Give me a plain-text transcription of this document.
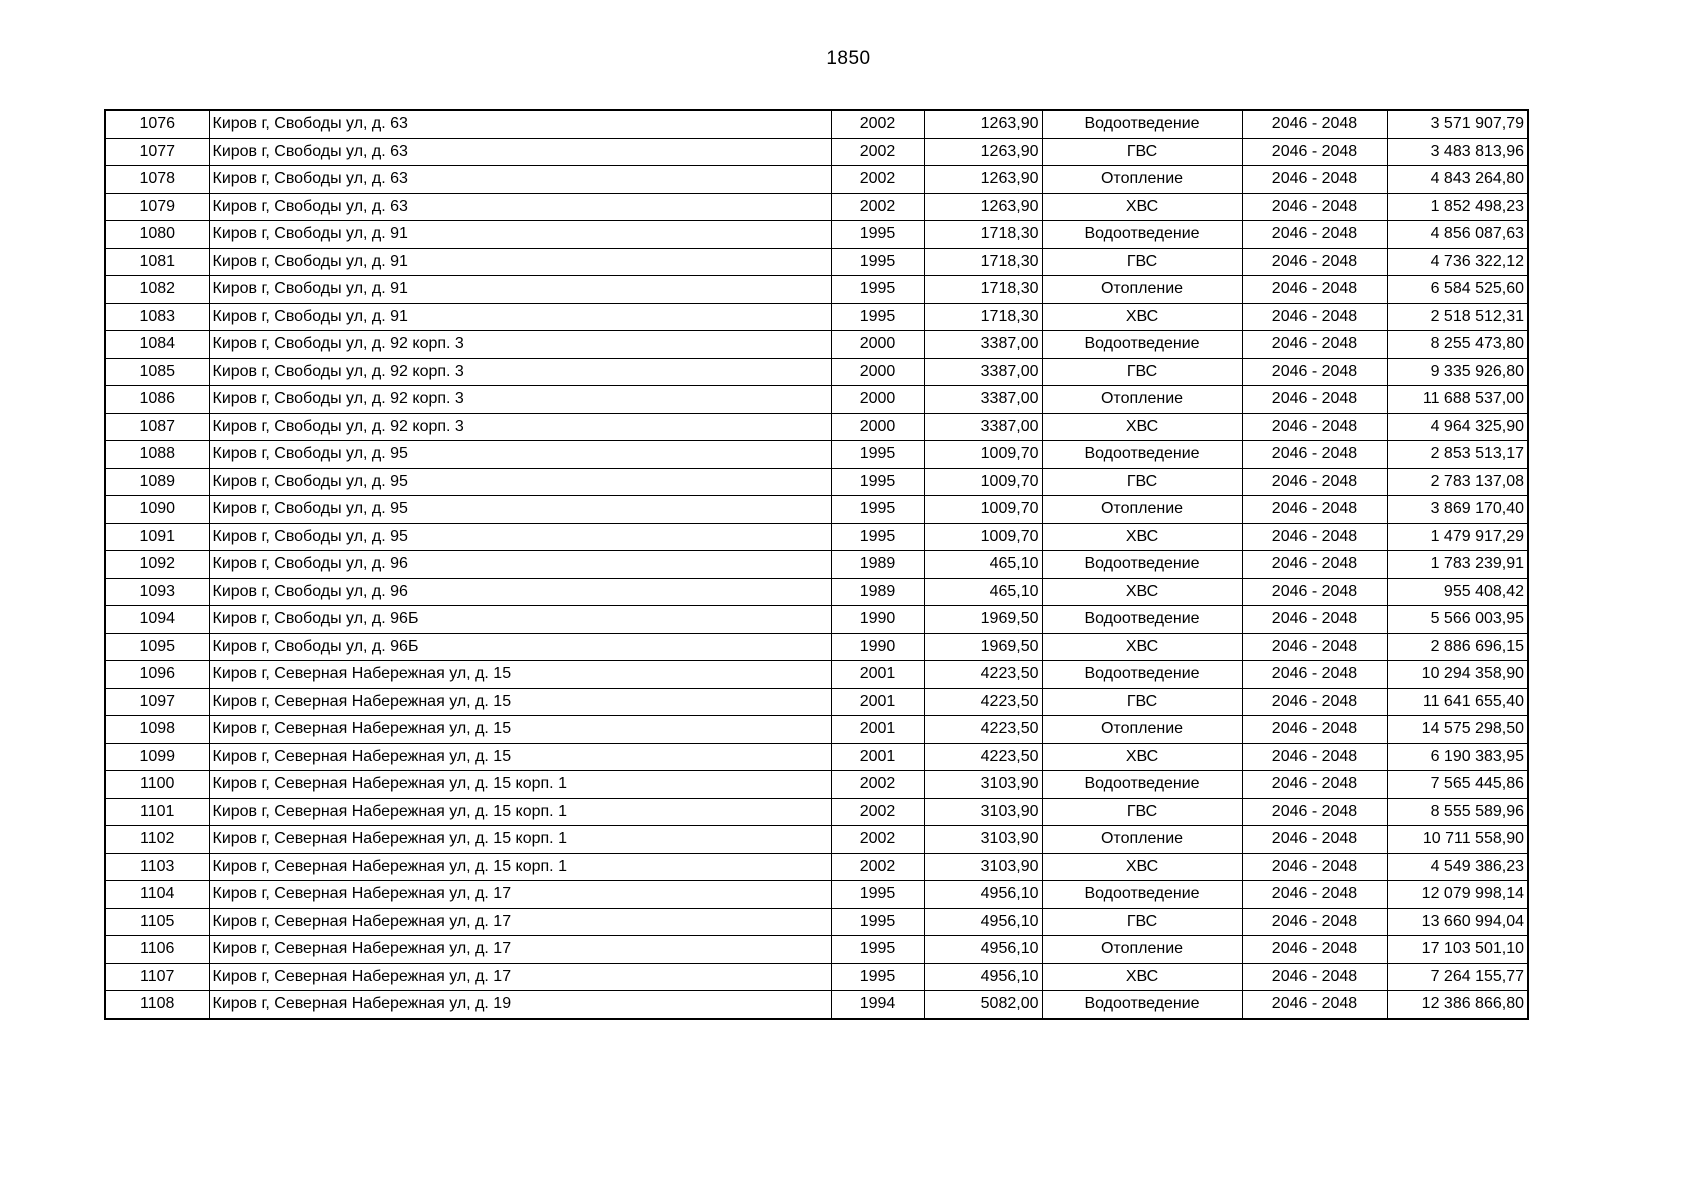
1850
1076	Киров г, Свободы ул, д. 63	2002	1263,90	Водоотведение	2046 - 2048	3 571 907,79
1077	Киров г, Свободы ул, д. 63	2002	1263,90	ГВС	2046 - 2048	3 483 813,96
1078	Киров г, Свободы ул, д. 63	2002	1263,90	Отопление	2046 - 2048	4 843 264,80
1079	Киров г, Свободы ул, д. 63	2002	1263,90	ХВС	2046 - 2048	1 852 498,23
1080	Киров г, Свободы ул, д. 91	1995	1718,30	Водоотведение	2046 - 2048	4 856 087,63
1081	Киров г, Свободы ул, д. 91	1995	1718,30	ГВС	2046 - 2048	4 736 322,12
1082	Киров г, Свободы ул, д. 91	1995	1718,30	Отопление	2046 - 2048	6 584 525,60
1083	Киров г, Свободы ул, д. 91	1995	1718,30	ХВС	2046 - 2048	2 518 512,31
1084	Киров г, Свободы ул, д. 92 корп. 3	2000	3387,00	Водоотведение	2046 - 2048	8 255 473,80
1085	Киров г, Свободы ул, д. 92 корп. 3	2000	3387,00	ГВС	2046 - 2048	9 335 926,80
1086	Киров г, Свободы ул, д. 92 корп. 3	2000	3387,00	Отопление	2046 - 2048	11 688 537,00
1087	Киров г, Свободы ул, д. 92 корп. 3	2000	3387,00	ХВС	2046 - 2048	4 964 325,90
1088	Киров г, Свободы ул, д. 95	1995	1009,70	Водоотведение	2046 - 2048	2 853 513,17
1089	Киров г, Свободы ул, д. 95	1995	1009,70	ГВС	2046 - 2048	2 783 137,08
1090	Киров г, Свободы ул, д. 95	1995	1009,70	Отопление	2046 - 2048	3 869 170,40
1091	Киров г, Свободы ул, д. 95	1995	1009,70	ХВС	2046 - 2048	1 479 917,29
1092	Киров г, Свободы ул, д. 96	1989	465,10	Водоотведение	2046 - 2048	1 783 239,91
1093	Киров г, Свободы ул, д. 96	1989	465,10	ХВС	2046 - 2048	955 408,42
1094	Киров г, Свободы ул, д. 96Б	1990	1969,50	Водоотведение	2046 - 2048	5 566 003,95
1095	Киров г, Свободы ул, д. 96Б	1990	1969,50	ХВС	2046 - 2048	2 886 696,15
1096	Киров г, Северная Набережная ул, д. 15	2001	4223,50	Водоотведение	2046 - 2048	10 294 358,90
1097	Киров г, Северная Набережная ул, д. 15	2001	4223,50	ГВС	2046 - 2048	11 641 655,40
1098	Киров г, Северная Набережная ул, д. 15	2001	4223,50	Отопление	2046 - 2048	14 575 298,50
1099	Киров г, Северная Набережная ул, д. 15	2001	4223,50	ХВС	2046 - 2048	6 190 383,95
1100	Киров г, Северная Набережная ул, д. 15 корп. 1	2002	3103,90	Водоотведение	2046 - 2048	7 565 445,86
1101	Киров г, Северная Набережная ул, д. 15 корп. 1	2002	3103,90	ГВС	2046 - 2048	8 555 589,96
1102	Киров г, Северная Набережная ул, д. 15 корп. 1	2002	3103,90	Отопление	2046 - 2048	10 711 558,90
1103	Киров г, Северная Набережная ул, д. 15 корп. 1	2002	3103,90	ХВС	2046 - 2048	4 549 386,23
1104	Киров г, Северная Набережная ул, д. 17	1995	4956,10	Водоотведение	2046 - 2048	12 079 998,14
1105	Киров г, Северная Набережная ул, д. 17	1995	4956,10	ГВС	2046 - 2048	13 660 994,04
1106	Киров г, Северная Набережная ул, д. 17	1995	4956,10	Отопление	2046 - 2048	17 103 501,10
1107	Киров г, Северная Набережная ул, д. 17	1995	4956,10	ХВС	2046 - 2048	7 264 155,77
1108	Киров г, Северная Набережная ул, д. 19	1994	5082,00	Водоотведение	2046 - 2048	12 386 866,80
